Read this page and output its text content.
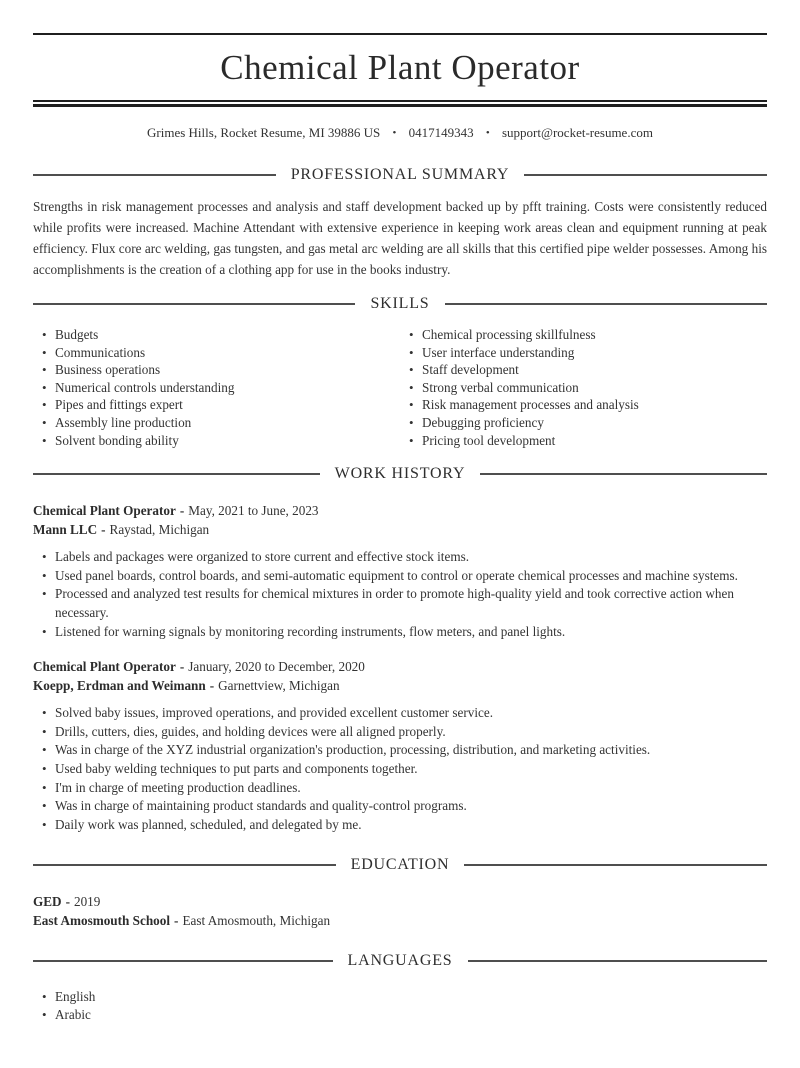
Chemical Plant Operator
Grimes Hills, Rocket Resume, MI 39886 US • 0417149343 • support@rocket-resume.com
PROFESSIONAL SUMMARY

Strengths in risk management processes and analysis and staff development backed up by pfft training. Costs were consistently reduced while profits were increased. Machine Attendant with extensive experience in keeping work areas clean and equipment running at peak efficiency. Flux core arc welding, gas tungsten, and gas metal arc welding are all skills that this certified pipe welder possesses. Among his accomplishments is the creation of a clothing app for use in the books industry.

SKILLS
• Budgets
• Communications
• Business operations
• Numerical controls understanding
• Pipes and fittings expert
• Assembly line production
• Solvent bonding ability
• Chemical processing skillfulness
• User interface understanding
• Staff development
• Strong verbal communication
• Risk management processes and analysis
• Debugging proficiency
• Pricing tool development
WORK HISTORY
Chemical Plant Operator - May, 2021 to June, 2023
Mann LLC - Raystad, Michigan
• Labels and packages were organized to store current and effective stock items.
• Used panel boards, control boards, and semi-automatic equipment to control or operate chemical processes and machine systems.
• Processed and analyzed test results for chemical mixtures in order to promote high-quality yield and took corrective action when necessary.
• Listened for warning signals by monitoring recording instruments, flow meters, and panel lights.
Chemical Plant Operator - January, 2020 to December, 2020
Koepp, Erdman and Weimann - Garnettview, Michigan
• Solved baby issues, improved operations, and provided excellent customer service.
• Drills, cutters, dies, guides, and holding devices were all aligned properly.
• Was in charge of the XYZ industrial organization's production, processing, distribution, and marketing activities.
• Used baby welding techniques to put parts and components together.
• I'm in charge of meeting production deadlines.
• Was in charge of maintaining product standards and quality-control programs.
• Daily work was planned, scheduled, and delegated by me.
EDUCATION
GED - 2019
East Amosmouth School - East Amosmouth, Michigan
LANGUAGES
• English
• Arabic
